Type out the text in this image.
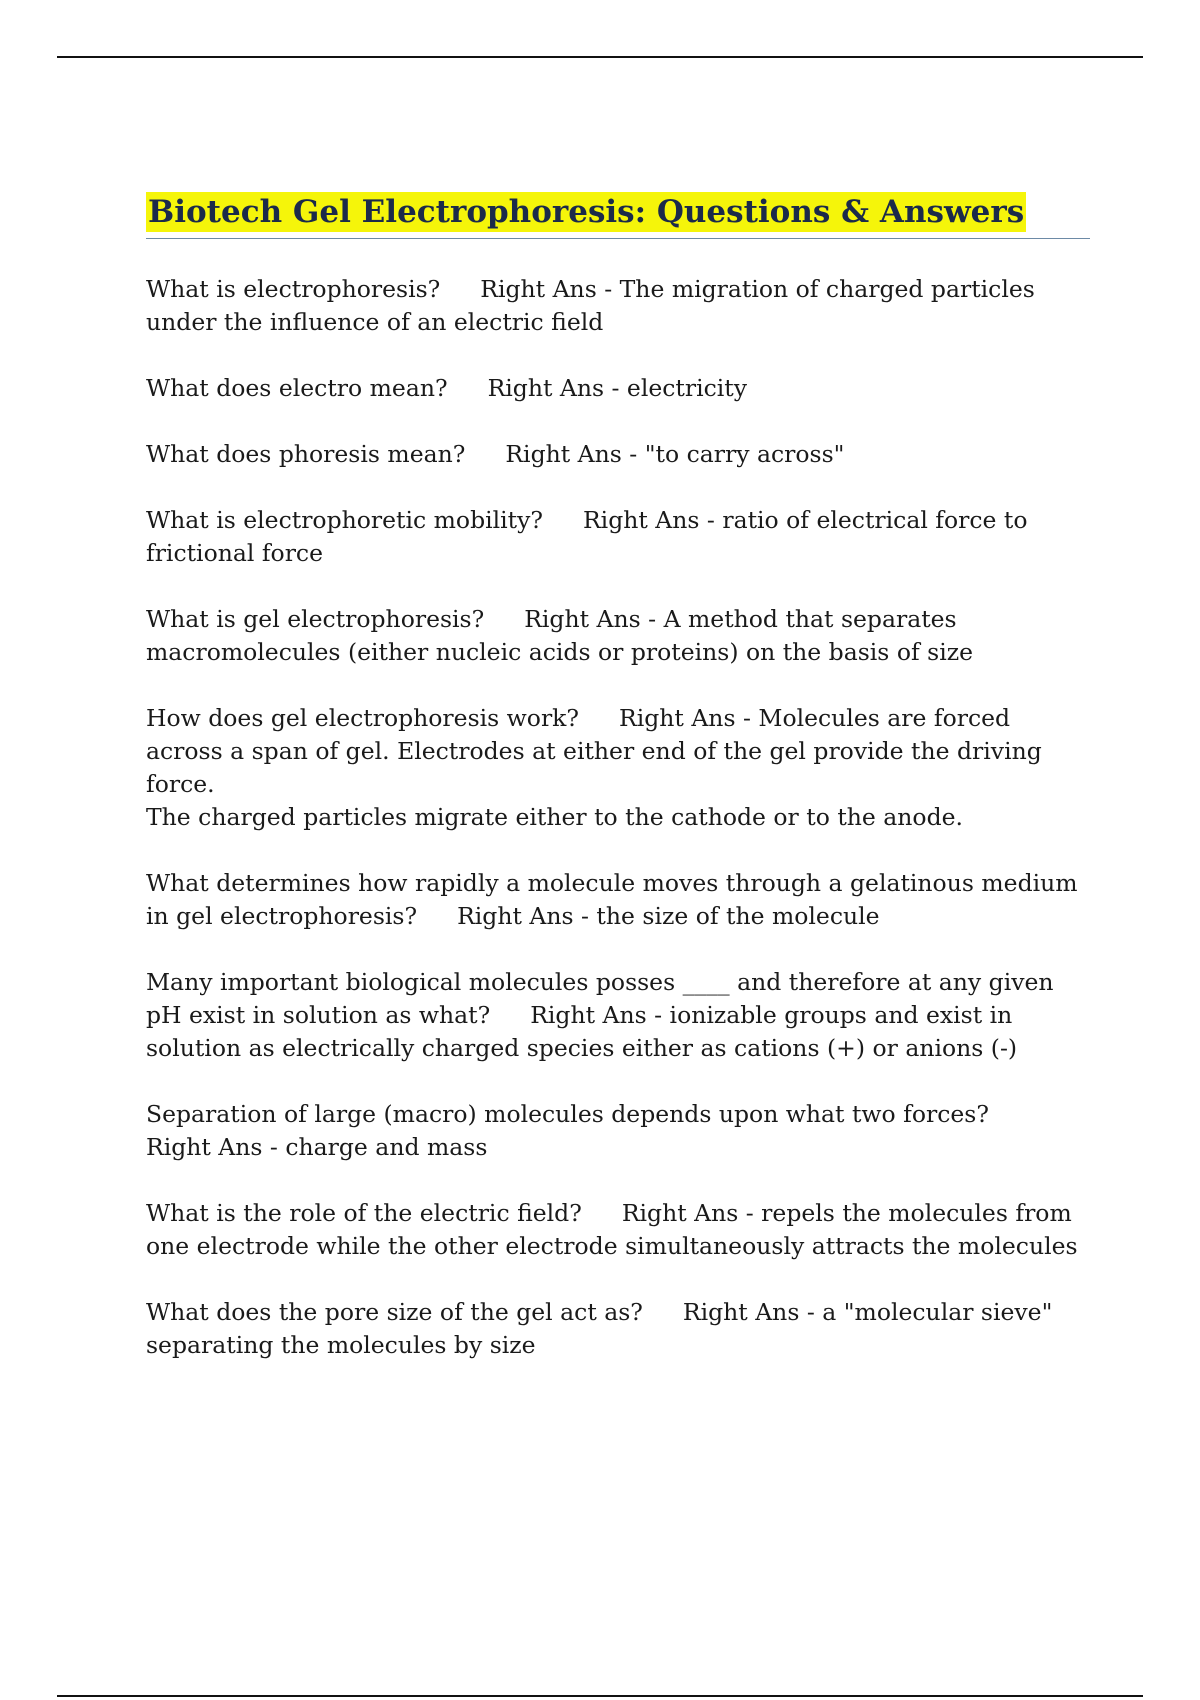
Biotech Gel Electrophoresis: Questions & Answers
What is electrophoresis? Right Ans - The migration of charged particles under the influence of an electric field
What does electro mean? Right Ans - electricity
What does phoresis mean? Right Ans - "to carry across"
What is electrophoretic mobility? Right Ans - ratio of electrical force to frictional force
What is gel electrophoresis? Right Ans - A method that separates macromolecules (either nucleic acids or proteins) on the basis of size
How does gel electrophoresis work? Right Ans - Molecules are forced across a span of gel. Electrodes at either end of the gel provide the driving force.
The charged particles migrate either to the cathode or to the anode.
What determines how rapidly a molecule moves through a gelatinous medium in gel electrophoresis? Right Ans - the size of the molecule
Many important biological molecules posses ____ and therefore at any given pH exist in solution as what? Right Ans - ionizable groups and exist in solution as electrically charged species either as cations (+) or anions (-)
Separation of large (macro) molecules depends upon what two forces?Right Ans - charge and mass
What is the role of the electric field? Right Ans - repels the molecules from one electrode while the other electrode simultaneously attracts the molecules
What does the pore size of the gel act as? Right Ans - a "molecular sieve" separating the molecules by size
